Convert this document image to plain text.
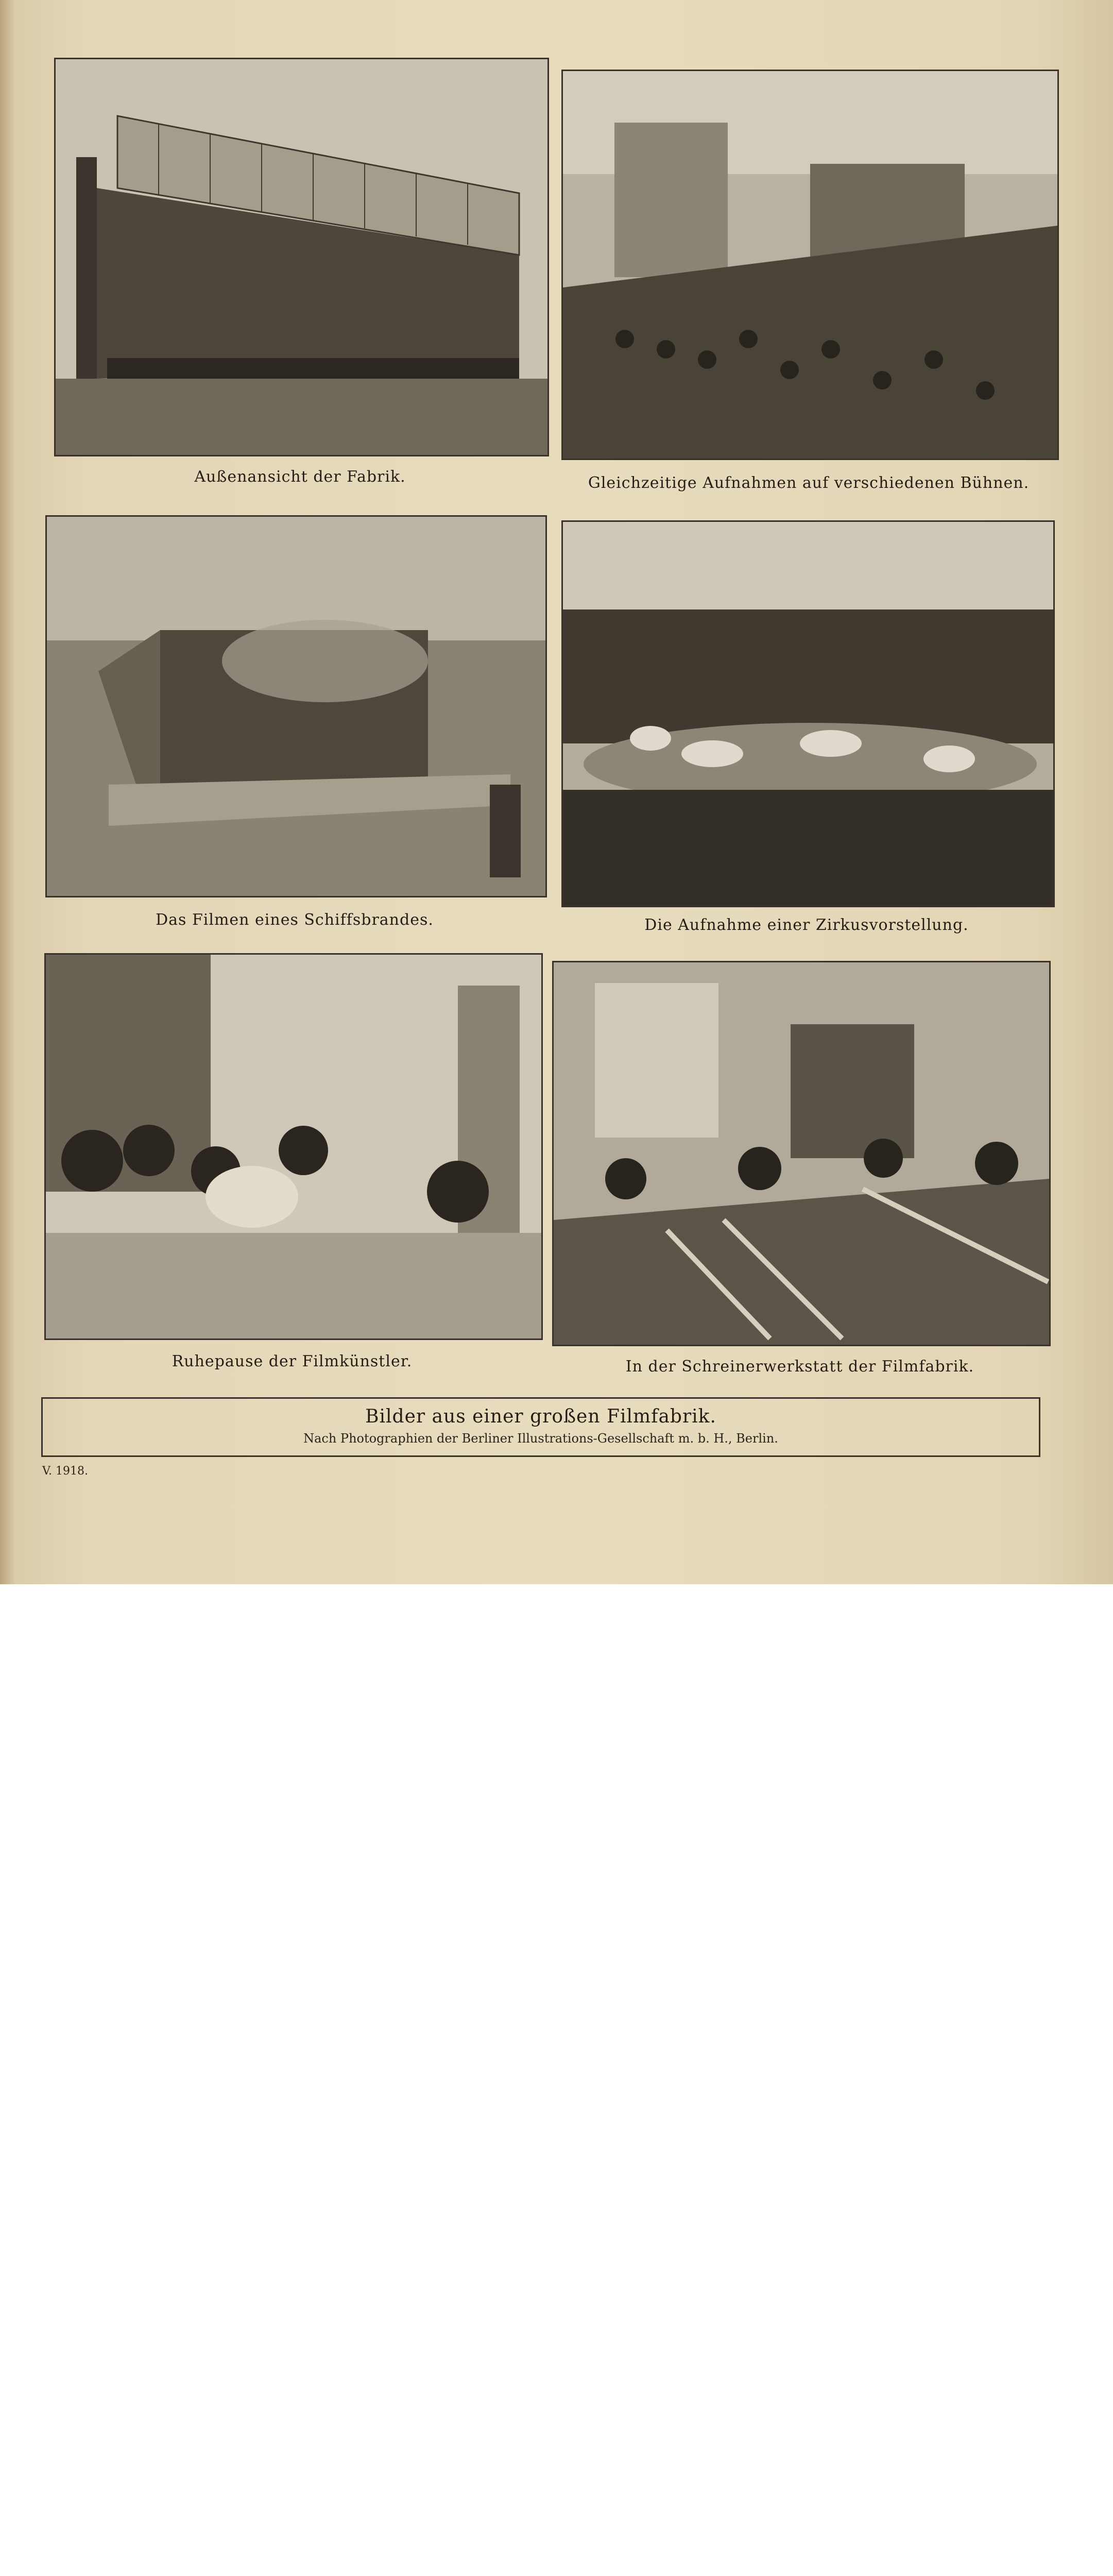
Außenansicht der Fabrik.	Gleichzeitige Aufnahmen auf verschiedenen Bühnen.
Das Filmen eines Schiffsbrandes.	Die Aufnahme einer Zirkusvorstellung.
Ruhepause der Filmkünstler.	In der Schreinerwerkstatt der Filmfabrik.
Bilder aus einer großen Filmfabrik.
Nach Photographien der Berliner Illustrations-Gesellschaft m. b. H., Berlin.
V. 1918.
